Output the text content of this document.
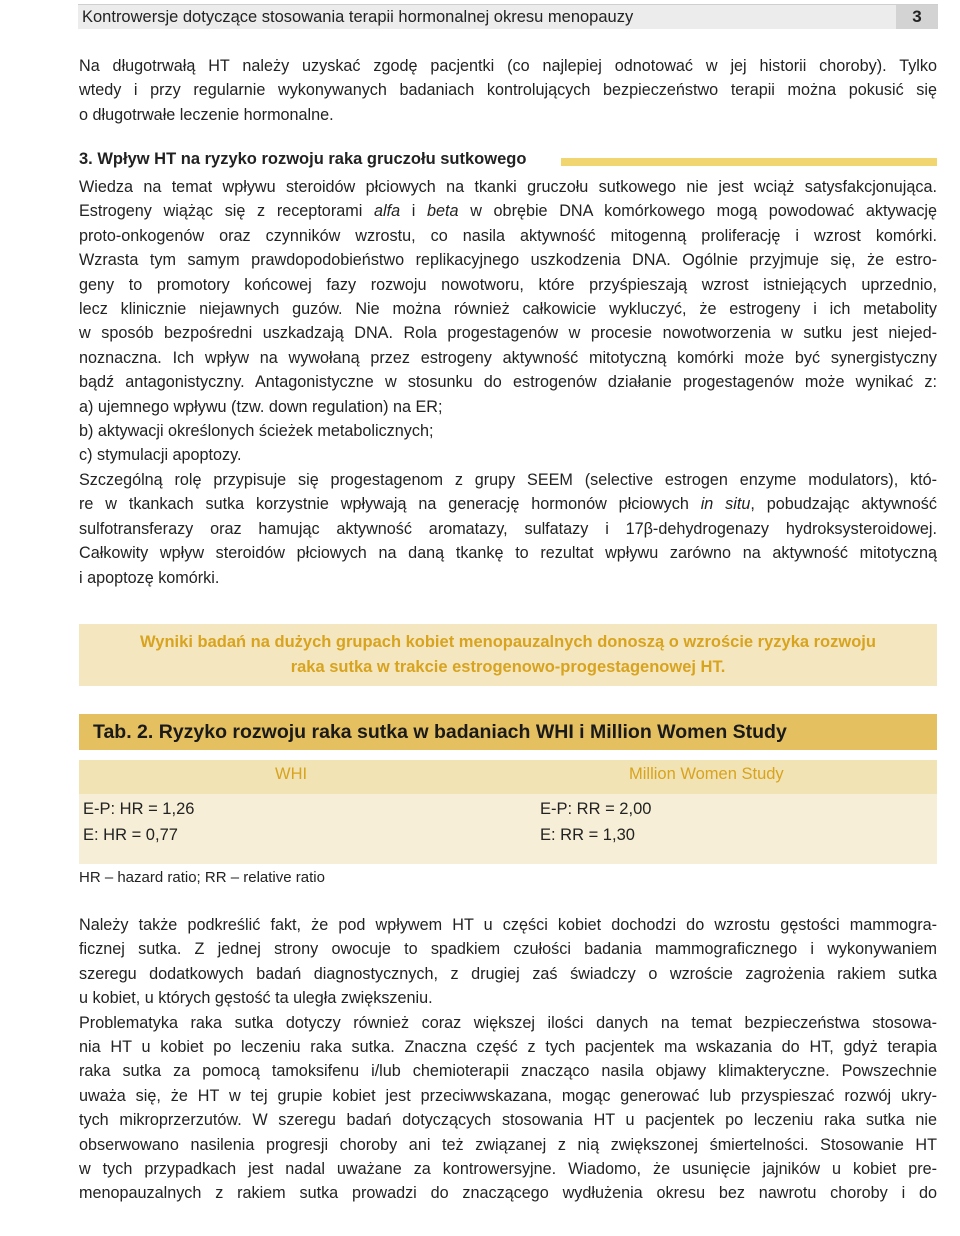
Kontrowersje dotyczące stosowania terapii hormonalnej okresu menopauzy	3
Na długotrwałą HT należy uzyskać zgodę pacjentki (co najlepiej odnotować w jej historii choroby). Tylko
wtedy i przy regularnie wykonywanych badaniach kontrolujących bezpieczeństwo terapii można pokusić się
o długotrwałe leczenie hormonalne.
3. Wpływ HT na ryzyko rozwoju raka gruczołu sutkowego
Wiedza na temat wpływu steroidów płciowych na tkanki gruczołu sutkowego nie jest wciąż satysfakcjonująca.
Estrogeny wiążąc się z receptorami alfa i beta w obrębie DNA komórkowego mogą powodować aktywację
proto-onkogenów oraz czynników wzrostu, co nasila aktywność mitogenną proliferację i wzrost komórki.
Wzrasta tym samym prawdopodobieństwo replikacyjnego uszkodzenia DNA. Ogólnie przyjmuje się, że estro-
geny to promotory końcowej fazy rozwoju nowotworu, które przyśpieszają wzrost istniejących uprzednio,
lecz klinicznie niejawnych guzów. Nie można również całkowicie wykluczyć, że estrogeny i ich metabolity
w sposób bezpośredni uszkadzają DNA. Rola progestagenów w procesie nowotworzenia w sutku jest niejed-
noznaczna. Ich wpływ na wywołaną przez estrogeny aktywność mitotyczną komórki może być synergistyczny
bądź antagonistyczny. Antagonistyczne w stosunku do estrogenów działanie progestagenów może wynikać z:
a) ujemnego wpływu (tzw. down regulation) na ER;
b) aktywacji określonych ścieżek metabolicznych;
c) stymulacji apoptozy.
Szczególną rolę przypisuje się progestagenom z grupy SEEM (selective estrogen enzyme modulators), któ-
re w tkankach sutka korzystnie wpływają na generację hormonów płciowych in situ, pobudzając aktywność
sulfotransferazy oraz hamując aktywność aromatazy, sulfatazy i 17β-dehydrogenazy hydroksysteroidowej.
Całkowity wpływ steroidów płciowych na daną tkankę to rezultat wpływu zarówno na aktywność mitotyczną
i apoptozę komórki.
Wyniki badań na dużych grupach kobiet menopauzalnych donoszą o wzroście ryzyka rozwoju
raka sutka w trakcie estrogenowo-progestagenowej HT.
Tab. 2. Ryzyko rozwoju raka sutka w badaniach WHI i Million Women Study
WHI	Million Women Study
E-P: HR = 1,26	E-P: RR = 2,00
E: HR = 0,77	E: RR = 1,30
HR – hazard ratio; RR – relative ratio
Należy także podkreślić fakt, że pod wpływem HT u części kobiet dochodzi do wzrostu gęstości mammogra-
ficznej sutka. Z jednej strony owocuje to spadkiem czułości badania mammograficznego i wykonywaniem
szeregu dodatkowych badań diagnostycznych, z drugiej zaś świadczy o wzroście zagrożenia rakiem sutka
u kobiet, u których gęstość ta uległa zwiększeniu.
Problematyka raka sutka dotyczy również coraz większej ilości danych na temat bezpieczeństwa stosowa-
nia HT u kobiet po leczeniu raka sutka. Znaczna część z tych pacjentek ma wskazania do HT, gdyż terapia
raka sutka za pomocą tamoksifenu i/lub chemioterapii znacząco nasila objawy klimakteryczne. Powszechnie
uważa się, że HT w tej grupie kobiet jest przeciwwskazana, mogąc generować lub przyspieszać rozwój ukry-
tych mikroprzerzutów. W szeregu badań dotyczących stosowania HT u pacjentek po leczeniu raka sutka nie
obserwowano nasilenia progresji choroby ani też związanej z nią zwiększonej śmiertelności. Stosowanie HT
w tych przypadkach jest nadal uważane za kontrowersyjne. Wiadomo, że usunięcie jajników u kobiet pre-
menopauzalnych z rakiem sutka prowadzi do znaczącego wydłużenia okresu bez nawrotu choroby i do
